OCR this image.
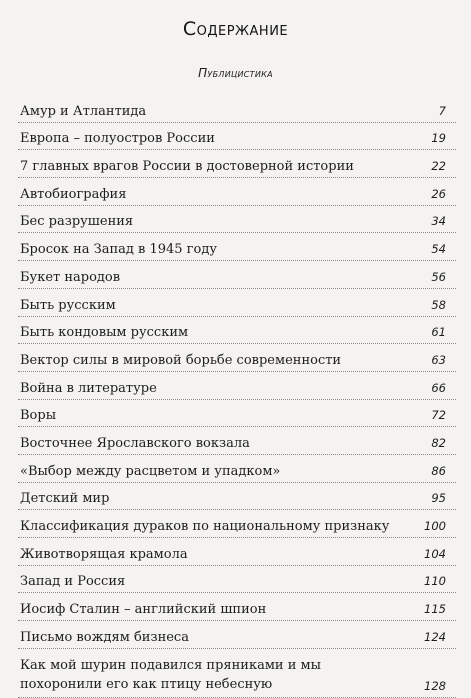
Содержание
Публицистика
Амур и Атлантида	7
Европа – полуостров России	19
7 главных врагов России в достоверной истории	22
Автобиография	26
Бес разрушения	34
Бросок на Запад в 1945 году	54
Букет народов	56
Быть русским	58
Быть кондовым русским	61
Вектор силы в мировой борьбе современности	63
Война в литературе	66
Воры	72
Восточнее Ярославского вокзала	82
«Выбор между расцветом и упадком»	86
Детский мир	95
Классификация дураков по национальному признаку	100
Животворящая крамола	104
Запад и Россия	110
Иосиф Сталин – английский шпион	115
Письмо вождям бизнеса	124
Как мой шурин подавился пряниками и мы похоронили его как птицу небесную	128
